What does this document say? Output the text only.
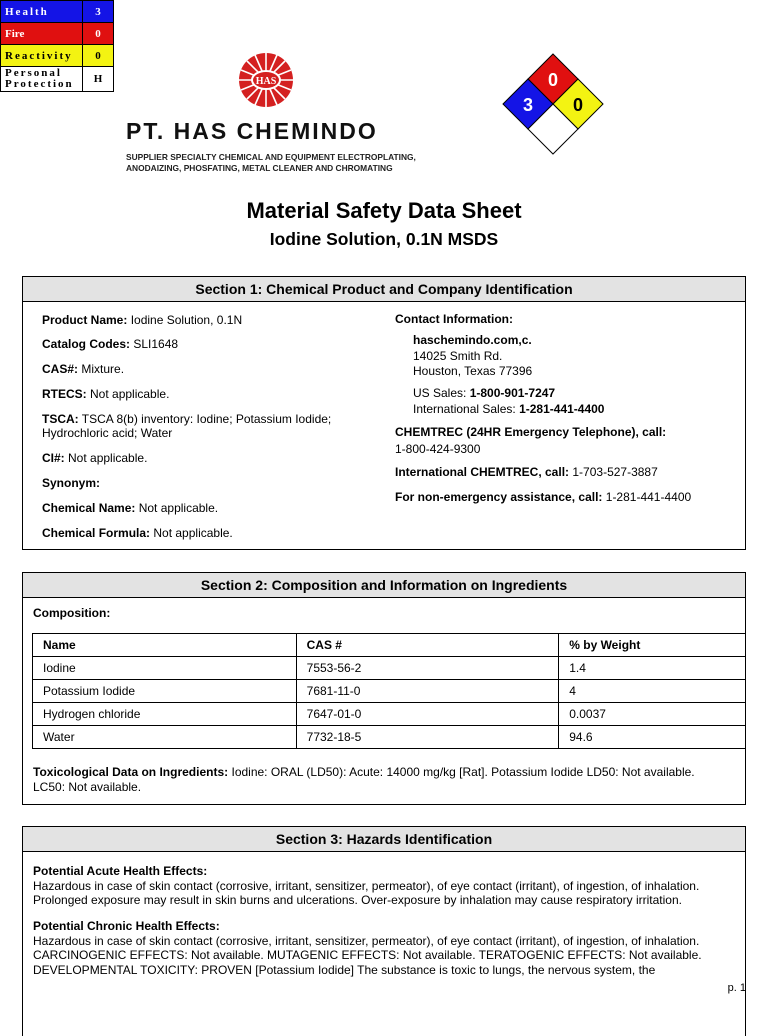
HAS
PT. HAS CHEMINDO
SUPPLIER SPECIALTY CHEMICAL AND EQUIPMENT ELECTROPLATING,
ANODAIZING, PHOSFATING, METAL CLEANER AND CHROMATING
0
3 0
Health	3
Fire	0
Reactivity	0

Personal
Protection	H
Material Safety Data Sheet
Iodine Solution, 0.1N MSDS
Section 1: Chemical Product and Company Identification
Product Name: Iodine Solution, 0.1N
Catalog Codes: SLI1648
CAS#: Mixture.
RTECS: Not applicable.
TSCA: TSCA 8(b) inventory: Iodine; Potassium Iodide;
Hydrochloric acid; Water
CI#: Not applicable.
Synonym:
Chemical Name: Not applicable.
Chemical Formula: Not applicable.
Contact Information:
haschemindo.com,c.
14025 Smith Rd.
Houston, Texas 77396
US Sales: 1-800-901-7247
International Sales: 1-281-441-4400
CHEMTREC (24HR Emergency Telephone), call:
1-800-424-9300
International CHEMTREC, call: 1-703-527-3887
For non-emergency assistance, call: 1-281-441-4400
Section 2: Composition and Information on Ingredients
Composition:
Name	CAS #	% by Weight
Iodine	7553-56-2	1.4
Potassium Iodide	7681-11-0	4
Hydrogen chloride	7647-01-0	0.0037
Water	7732-18-5	94.6
Toxicological Data on Ingredients: Iodine: ORAL (LD50): Acute: 14000 mg/kg [Rat]. Potassium Iodide LD50: Not available.
LC50: Not available.
Section 3: Hazards Identification
Potential Acute Health Effects:
Hazardous in case of skin contact (corrosive, irritant, sensitizer, permeator), of eye contact (irritant), of ingestion, of inhalation.
Prolonged exposure may result in skin burns and ulcerations. Over-exposure by inhalation may cause respiratory irritation.
Potential Chronic Health Effects:
Hazardous in case of skin contact (corrosive, irritant, sensitizer, permeator), of eye contact (irritant), of ingestion, of inhalation.
CARCINOGENIC EFFECTS: Not available. MUTAGENIC EFFECTS: Not available. TERATOGENIC EFFECTS: Not available.
DEVELOPMENTAL TOXICITY: PROVEN [Potassium Iodide] The substance is toxic to lungs, the nervous system, the
p. 1
